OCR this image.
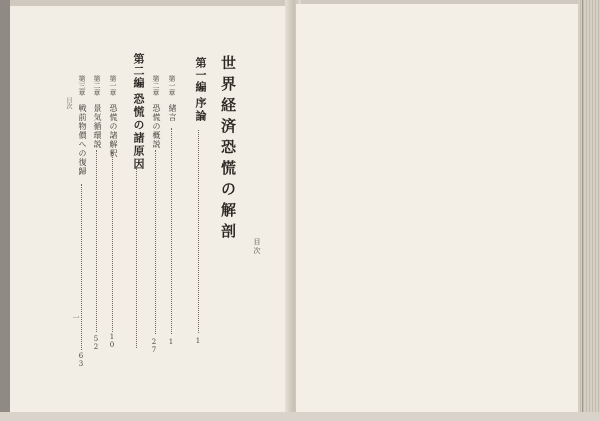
世界経済恐慌の解剖
目次
第一編
序論
1
第一章
緒言
1
第二章
恐慌の概説
27
第二編
恐慌の諸原因
第一章
恐慌の諸解釈
10
第二章
景気循環説
52
第三章
戦前物價への復歸
63
目次
一
